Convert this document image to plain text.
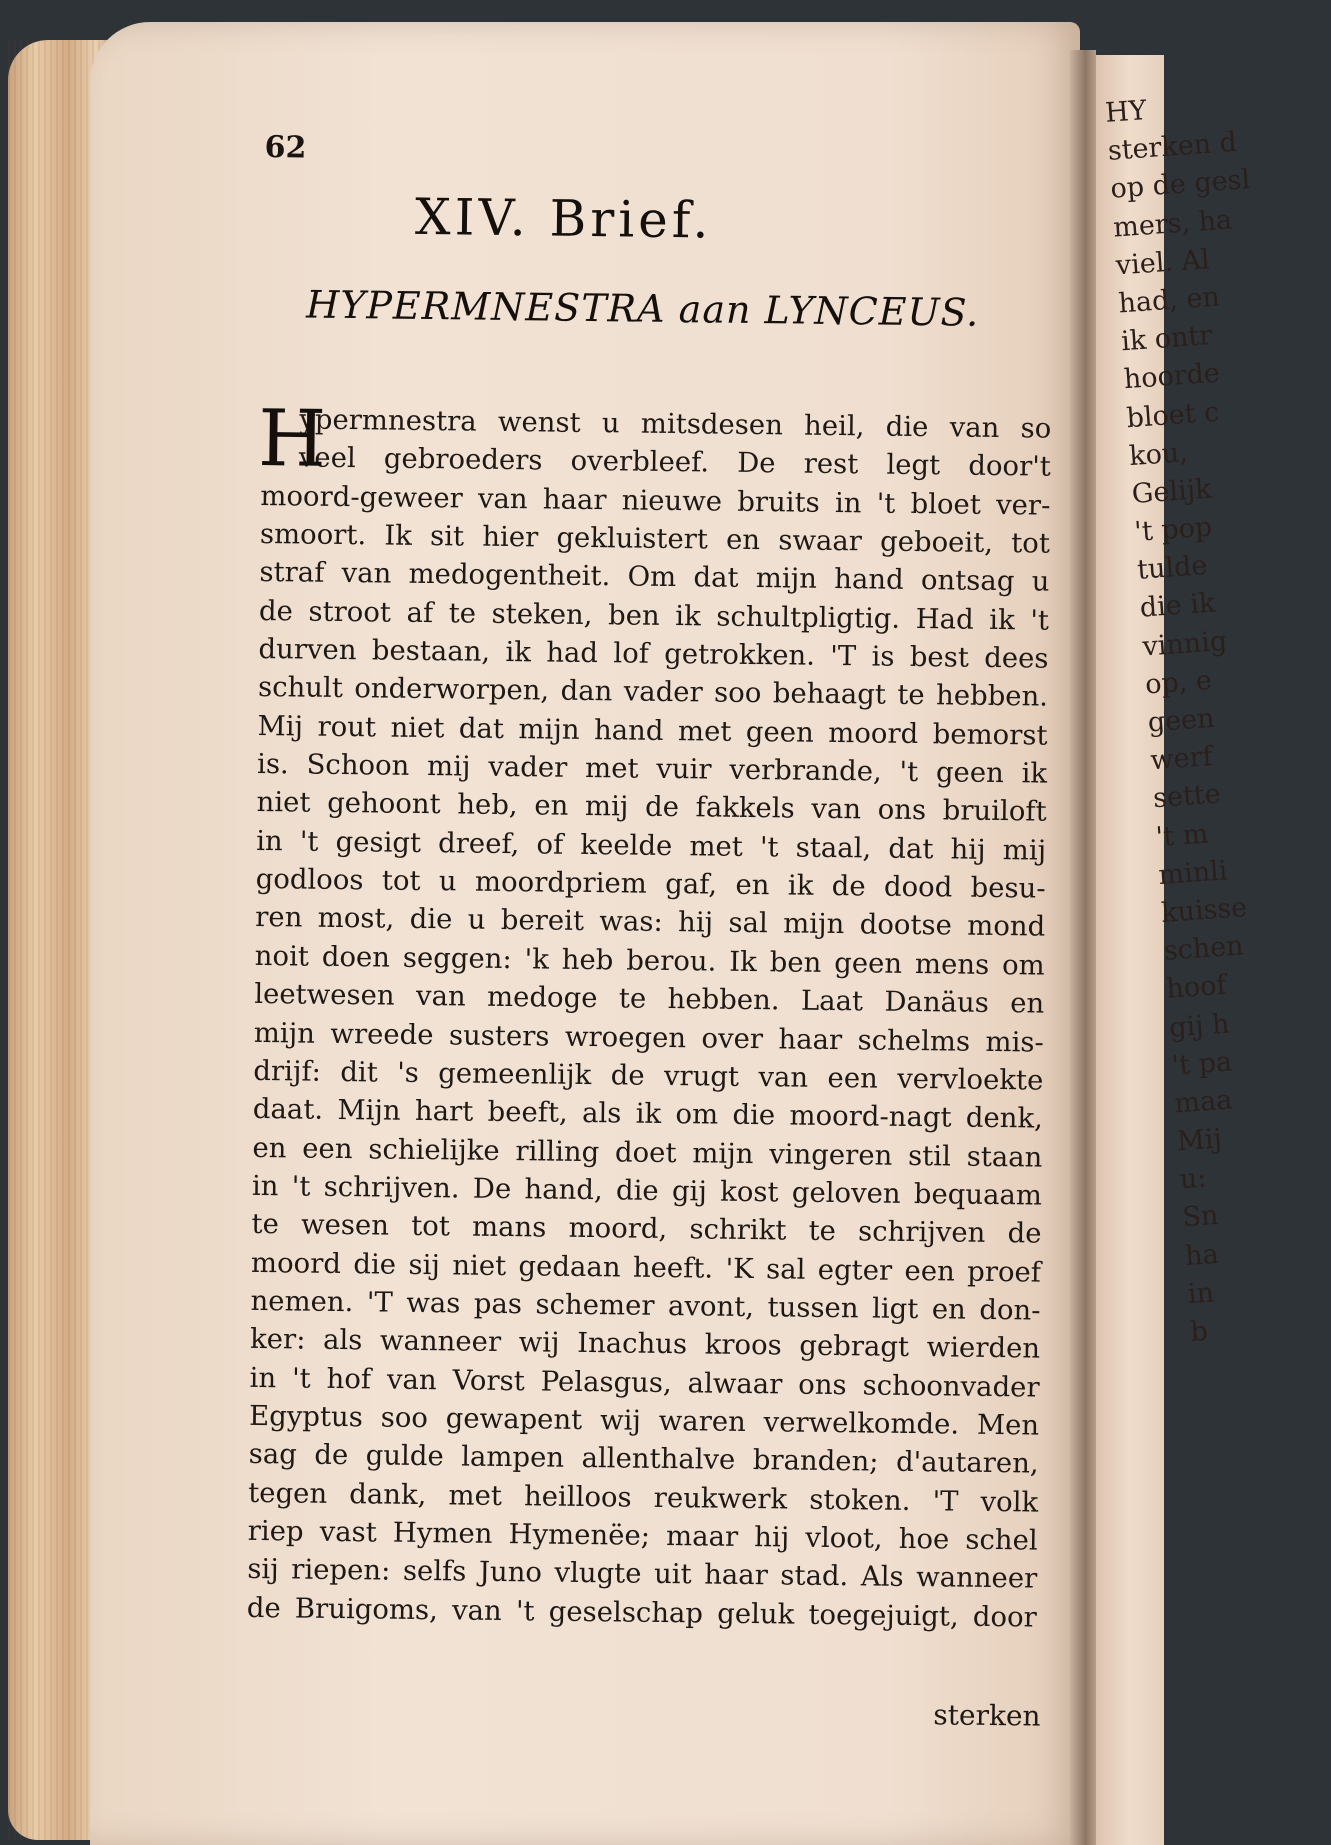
HY
sterken d
op de gesl
mers, ha
viel. Al
had, en
ik ontr
hoorde
bloet c
kou,
Gelijk
't pop
tulde
die ik
vinnig
op, e
geen
werf
sette
't m
minli
kuisse
schen
hoof
gij h
't pa
maa
Mij
u:
Sn
ha
in
b
62
XIV. Brief.
HYPERMNESTRA aan LYNCEUS.
H
ypermnestra wenst u mitsdesen heil, die van so
veel gebroeders overbleef. De rest legt door't
moord-geweer van haar nieuwe bruits in 't bloet ver-
smoort. Ik sit hier gekluistert en swaar geboeit, tot
straf van medogentheit. Om dat mijn hand ontsag u
de stroot af te steken, ben ik schultpligtig. Had ik 't
durven bestaan, ik had lof getrokken. 'T is best dees
schult onderworpen, dan vader soo behaagt te hebben.
Mij rout niet dat mijn hand met geen moord bemorst
is. Schoon mij vader met vuir verbrande, 't geen ik
niet gehoont heb, en mij de fakkels van ons bruiloft
in 't gesigt dreef, of keelde met 't staal, dat hij mij
godloos tot u moordpriem gaf, en ik de dood besu-
ren most, die u bereit was: hij sal mijn dootse mond
noit doen seggen: 'k heb berou. Ik ben geen mens om
leetwesen van medoge te hebben. Laat Danäus en
mijn wreede susters wroegen over haar schelms mis-
drijf: dit 's gemeenlijk de vrugt van een vervloekte
daat. Mijn hart beeft, als ik om die moord-nagt denk,
en een schielijke rilling doet mijn vingeren stil staan
in 't schrijven. De hand, die gij kost geloven bequaam
te wesen tot mans moord, schrikt te schrijven de
moord die sij niet gedaan heeft. 'K sal egter een proef
nemen. 'T was pas schemer avont, tussen ligt en don-
ker: als wanneer wij Inachus kroos gebragt wierden
in 't hof van Vorst Pelasgus, alwaar ons schoonvader
Egyptus soo gewapent wij waren verwelkomde. Men
sag de gulde lampen allenthalve branden; d'autaren,
tegen dank, met heilloos reukwerk stoken. 'T volk
riep vast Hymen Hymenëe; maar hij vloot, hoe schel
sij riepen: selfs Juno vlugte uit haar stad. Als wanneer
de Bruigoms, van 't geselschap geluk toegejuigt, door
sterken
